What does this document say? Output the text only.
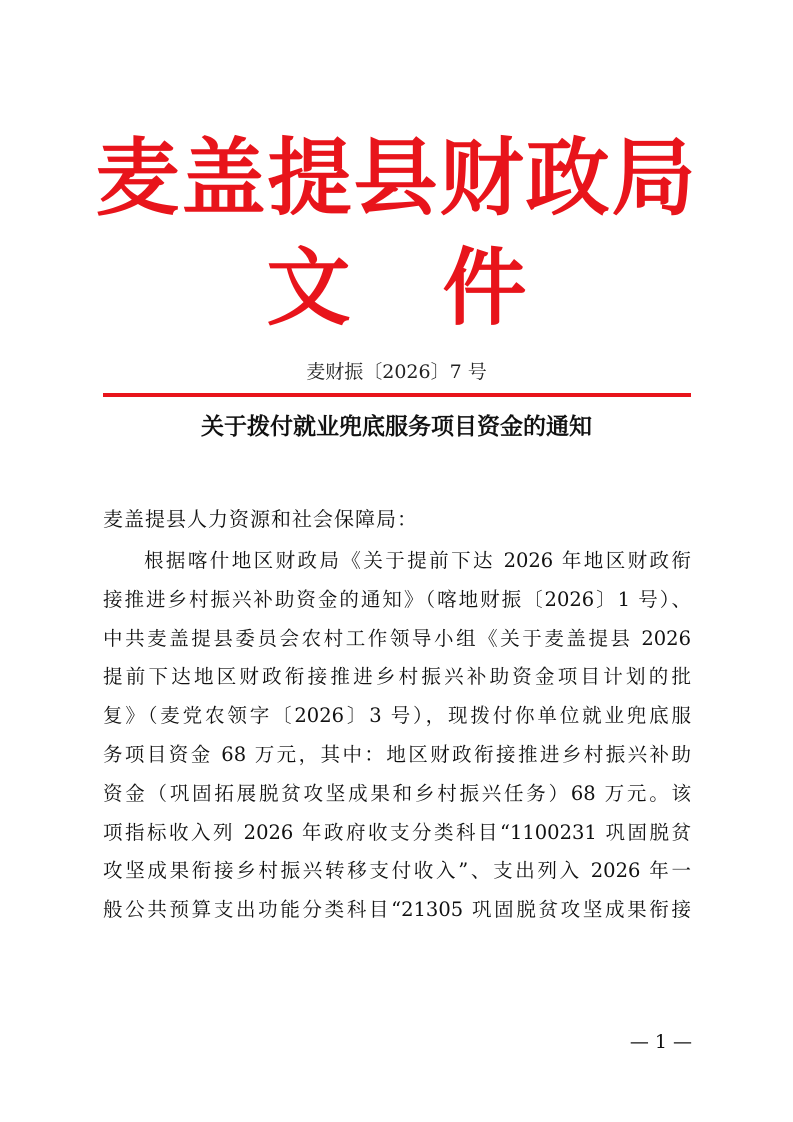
麦盖提县财政局
文件
麦财振〔2026〕7 号
关于拨付就业兜底服务项目资金的通知
麦盖提县人力资源和社会保障局：
根据喀什地区财政局《关于提前下达 2026 年地区财政衔
接推进乡村振兴补助资金的通知》（喀地财振〔2026〕1 号）、
中共麦盖提县委员会农村工作领导小组《关于麦盖提县 2026
提前下达地区财政衔接推进乡村振兴补助资金项目计划的批
复》（麦党农领字〔2026〕3 号），现拨付你单位就业兜底服
务项目资金 68 万元，其中：地区财政衔接推进乡村振兴补助
资金（巩固拓展脱贫攻坚成果和乡村振兴任务）68 万元。该
项指标收入列 2026 年政府收支分类科目“1100231 巩固脱贫
攻坚成果衔接乡村振兴转移支付收入”、支出列入 2026 年一
般公共预算支出功能分类科目“21305 巩固脱贫攻坚成果衔接
— 1 —
